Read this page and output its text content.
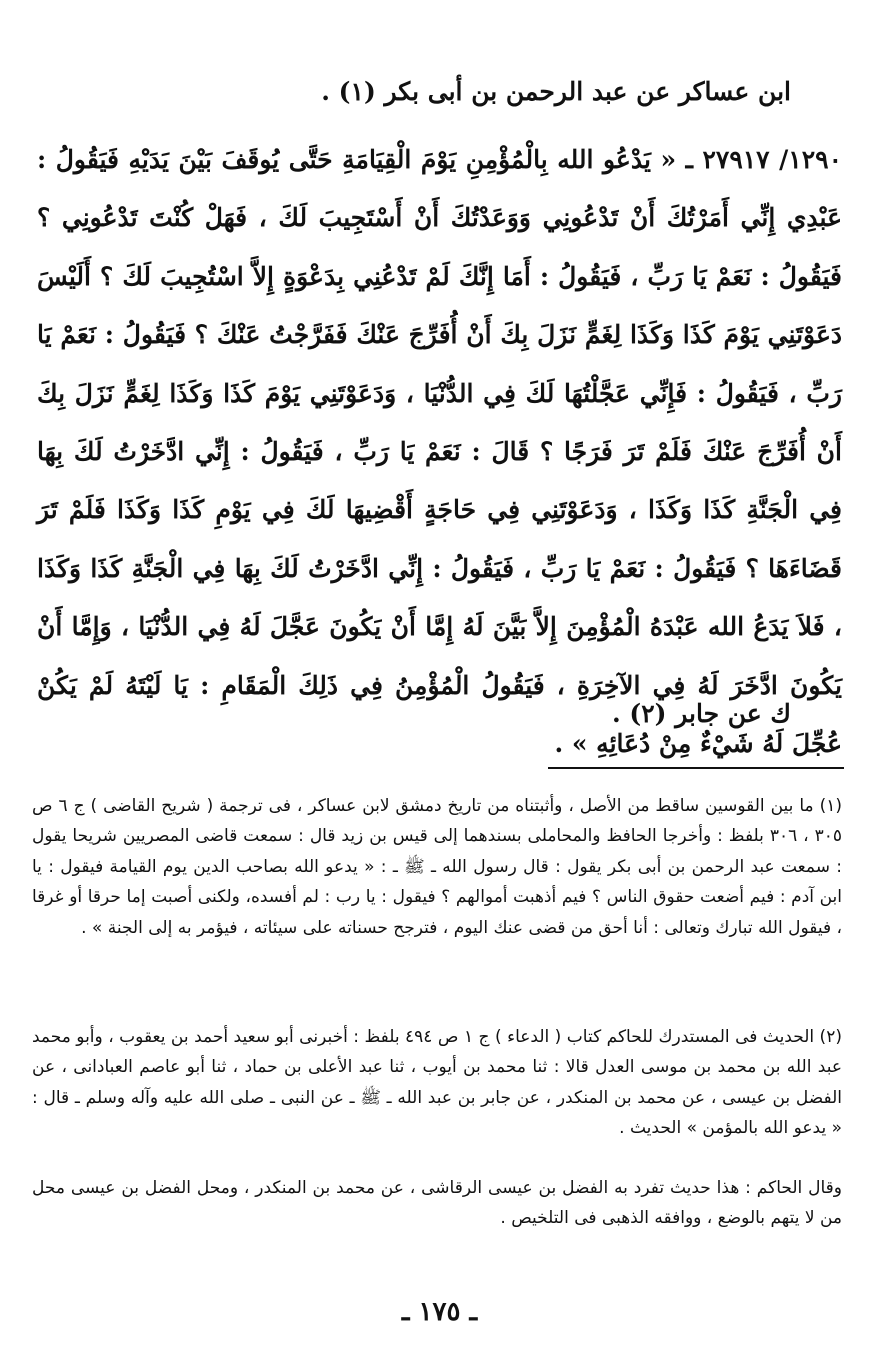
ابن عساكر عن عبد الرحمن بن أبى بكر (١) .

١٢٩٠/ ٢٧٩١٧ ـ « يَدْعُو الله بِالْمُؤْمِنِ يَوْمَ الْقِيَامَةِ حَتَّى يُوقَفَ بَيْنَ يَدَيْهِ فَيَقُولُ : عَبْدِي إِنِّي أَمَرْتُكَ أَنْ تَدْعُونِي وَوَعَدْتُكَ أَنْ أَسْتَجِيبَ لَكَ ، فَهَلْ كُنْتَ تَدْعُونِي ؟ فَيَقُولُ : نَعَمْ يَا رَبِّ ، فَيَقُولُ : أَمَا إِنَّكَ لَمْ تَدْعُنِي بِدَعْوَةٍ إِلاَّ اسْتُجِيبَ لَكَ ؟ أَلَيْسَ دَعَوْتَنِي يَوْمَ كَذَا وَكَذَا لِغَمٍّ نَزَلَ بِكَ أَنْ أُفَرِّجَ عَنْكَ فَفَرَّجْتُ عَنْكَ ؟ فَيَقُولُ : نَعَمْ يَا رَبِّ ، فَيَقُولُ : فَإِنِّي عَجَّلْتُهَا لَكَ فِي الدُّنْيَا ، وَدَعَوْتَنِي يَوْمَ كَذَا وَكَذَا لِغَمٍّ نَزَلَ بِكَ أَنْ أُفَرِّجَ عَنْكَ فَلَمْ تَرَ فَرَجًا ؟ قَالَ : نَعَمْ يَا رَبِّ ، فَيَقُولُ : إِنِّي ادَّخَرْتُ لَكَ بِهَا فِي الْجَنَّةِ كَذَا وَكَذَا ، وَدَعَوْتَنِي فِي حَاجَةٍ أَقْضِيهَا لَكَ فِي يَوْمِ كَذَا وَكَذَا فَلَمْ تَرَ قَضَاءَهَا ؟ فَيَقُولُ : نَعَمْ يَا رَبِّ ، فَيَقُولُ : إِنِّي ادَّخَرْتُ لَكَ بِهَا فِي الْجَنَّةِ كَذَا وَكَذَا ، فَلاَ يَدَعُ الله عَبْدَهُ الْمُؤْمِنَ إِلاَّ بَيَّنَ لَهُ إِمَّا أَنْ يَكُونَ عَجَّلَ لَهُ فِي الدُّنْيَا ، وَإِمَّا أَنْ يَكُونَ ادَّخَرَ لَهُ فِي الآخِرَةِ ، فَيَقُولُ الْمُؤْمِنُ فِي ذَلِكَ الْمَقَامِ : يَا لَيْتَهُ لَمْ يَكُنْ عُجِّلَ لَهُ شَيْءٌ مِنْ دُعَائِهِ » .

ك عن جابر (٢) .

(١) ما بين القوسين ساقط من الأصل ، وأثبتناه من تاريخ دمشق لابن عساكر ، فى ترجمة ( شريح القاضى ) ج ٦ ص ٣٠٥ ، ٣٠٦ بلفظ : وأخرجا الحافظ والمحاملى بسندهما إلى قيس بن زيد قال : سمعت قاضى المصريين شريحا يقول : سمعت عبد الرحمن بن أبى بكر يقول : قال رسول الله ـ ﷺ ـ : « يدعو الله بصاحب الدين يوم القيامة فيقول : يا ابن آدم : فيم أضعت حقوق الناس ؟ فيم أذهبت أموالهم ؟ فيقول : يا رب : لم أفسده، ولكنى أصبت إما حرقا أو غرقا ، فيقول الله تبارك وتعالى : أنا أحق من قضى عنك اليوم ، فترجح حسناته على سيئاته ، فيؤمر به إلى الجنة » .

(٢) الحديث فى المستدرك للحاكم كتاب ( الدعاء ) ج ١ ص ٤٩٤ بلفظ : أخبرنى أبو سعيد أحمد بن يعقوب ، وأبو محمد عبد الله بن محمد بن موسى العدل قالا : ثنا محمد بن أيوب ، ثنا عبد الأعلى بن حماد ، ثنا أبو عاصم العبادانى ، عن الفضل بن عيسى ، عن محمد بن المنكدر ، عن جابر بن عبد الله ـ ﷺ ـ عن النبى ـ صلى الله عليه وآله وسلم ـ قال : « يدعو الله بالمؤمن » الحديث .

وقال الحاكم : هذا حديث تفرد به الفضل بن عيسى الرقاشى ، عن محمد بن المنكدر ، ومحل الفضل بن عيسى محل من لا يتهم بالوضع ، ووافقه الذهبى فى التلخيص .

ـ ١٧٥ ـ
